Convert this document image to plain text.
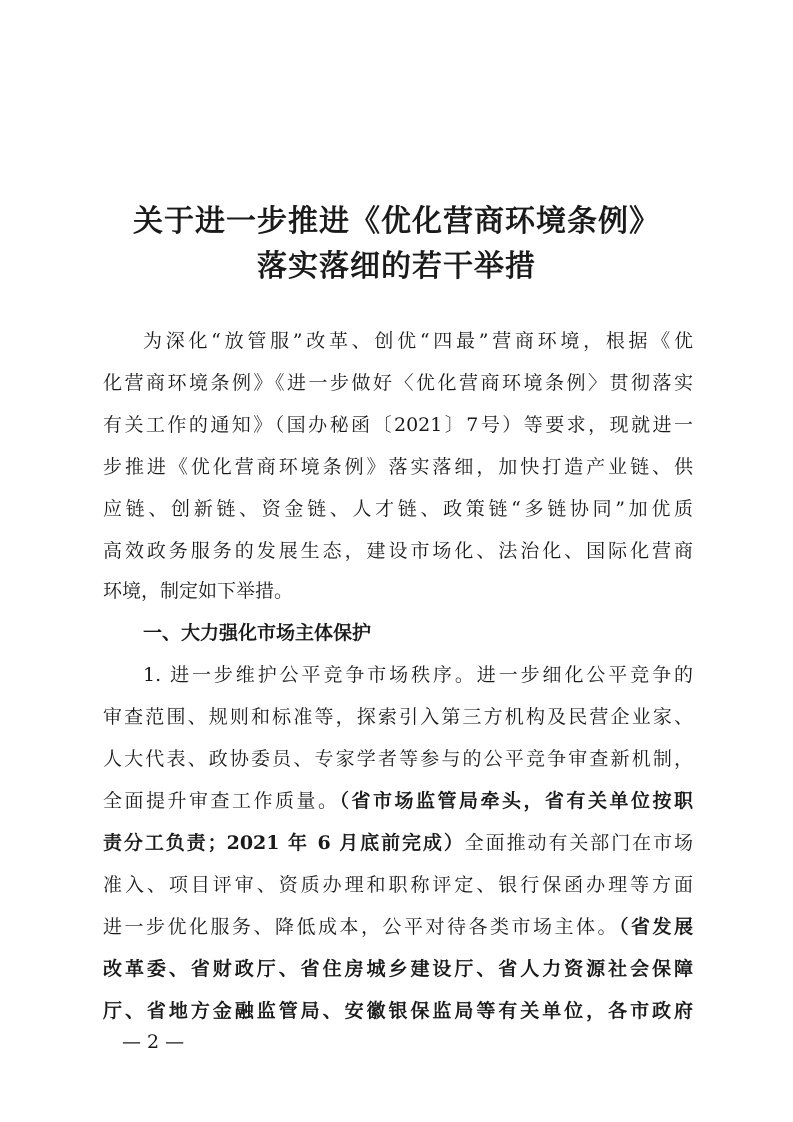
关于进一步推进《优化营商环境条例》
落实落细的若干举措
为深化“放管服”改革、创优“四最”营商环境，根据《优
化营商环境条例》《进一步做好〈优化营商环境条例〉贯彻落实
有关工作的通知》（国办秘函〔2021〕7号）等要求，现就进一
步推进《优化营商环境条例》落实落细，加快打造产业链、供
应链、创新链、资金链、人才链、政策链“多链协同”加优质
高效政务服务的发展生态，建设市场化、法治化、国际化营商
环境，制定如下举措。
一、大力强化市场主体保护
1. 进一步维护公平竞争市场秩序。进一步细化公平竞争的
审查范围、规则和标准等，探索引入第三方机构及民营企业家、
人大代表、政协委员、专家学者等参与的公平竞争审查新机制，
全面提升审查工作质量。（省市场监管局牵头，省有关单位按职
责分工负责；2021 年 6 月底前完成）全面推动有关部门在市场
准入、项目评审、资质办理和职称评定、银行保函办理等方面
进一步优化服务、降低成本，公平对待各类市场主体。（省发展
改革委、省财政厅、省住房城乡建设厅、省人力资源社会保障
厅、省地方金融监管局、安徽银保监局等有关单位，各市政府
— 2 —
